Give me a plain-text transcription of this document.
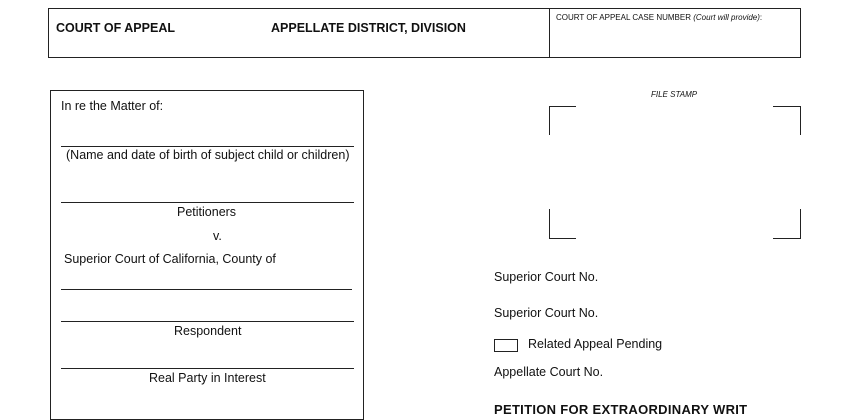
COURT OF APPEAL	APPELLATE DISTRICT, DIVISION
COURT OF APPEAL CASE NUMBER (Court will provide):
In re the Matter of:
(Name and date of birth of subject child or children)
Petitioners
v.
Superior Court of California, County of
Respondent
Real Party in Interest
FILE STAMP
Superior Court No.
Superior Court No.
Related Appeal Pending
Appellate Court No.
PETITION FOR EXTRAORDINARY WRIT
